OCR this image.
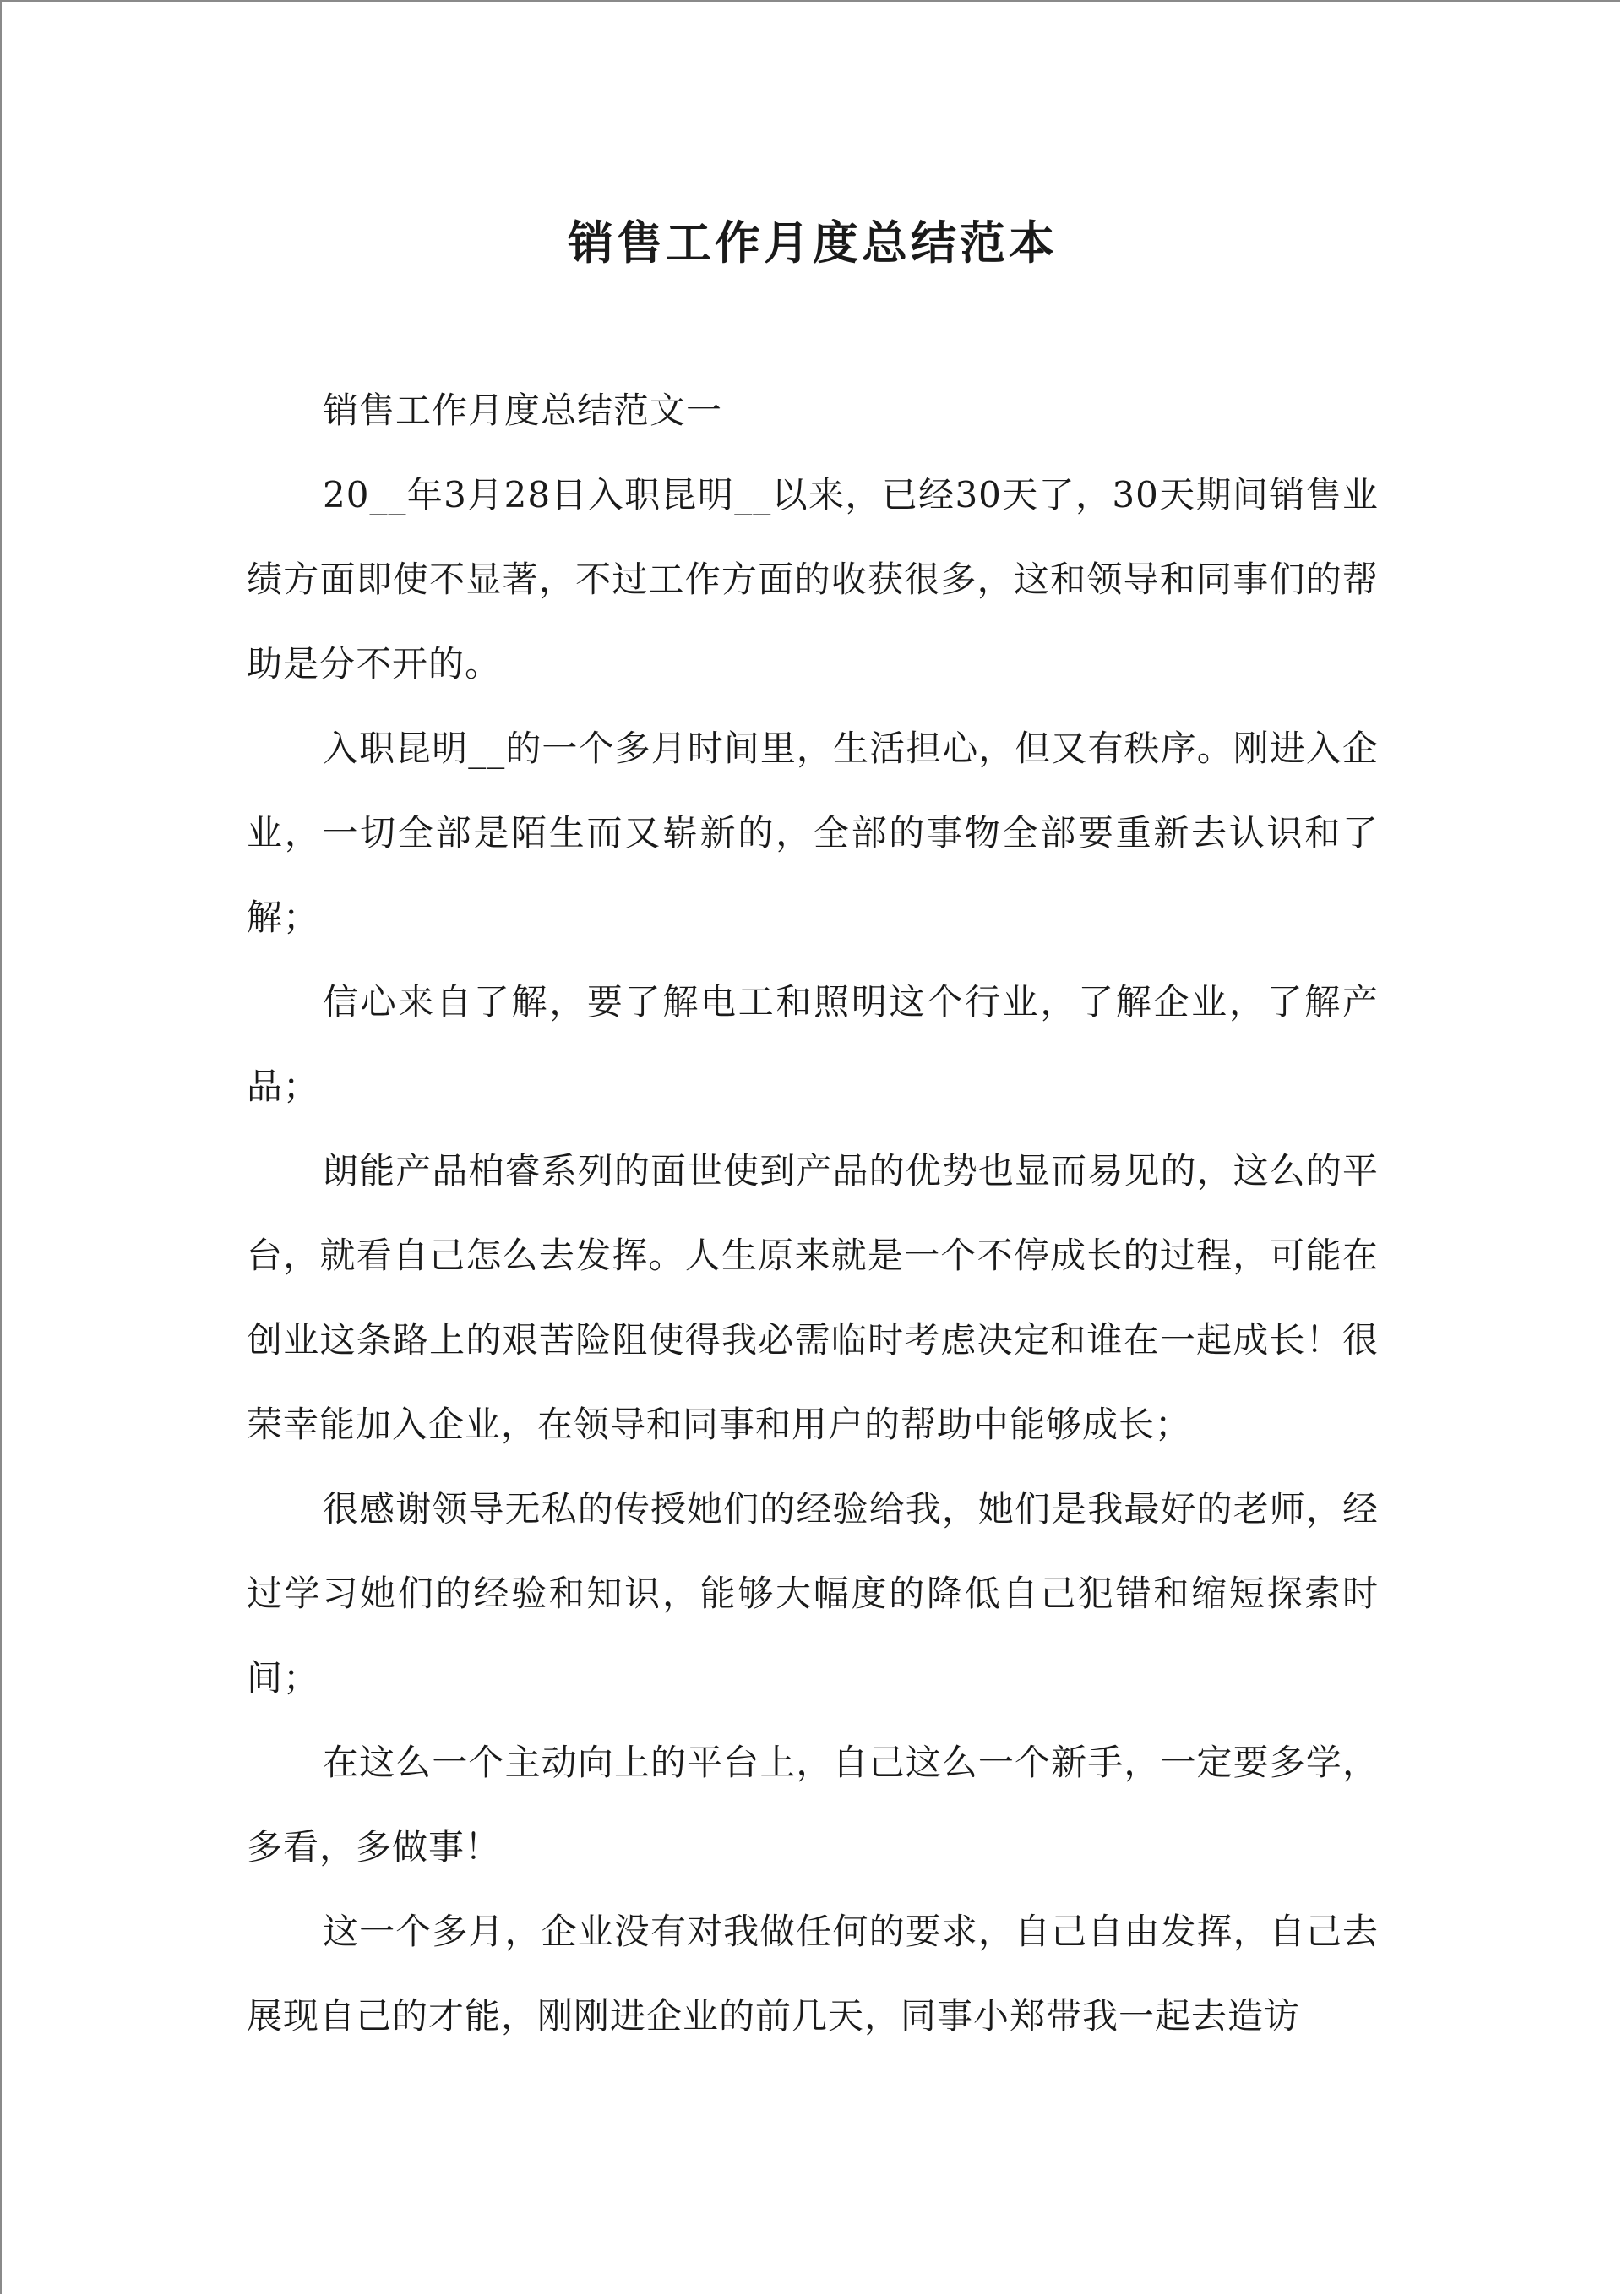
销售工作月度总结范本

销售工作月度总结范文一

20__年3月28日入职昆明__以来，已经30天了，30天期间销售业绩方面即使不显著，不过工作方面的收获很多，这和领导和同事们的帮助是分不开的。

入职昆明__的一个多月时间里，生活担心，但又有秩序。刚进入企业，一切全部是陌生而又崭新的，全部的事物全部要重新去认识和了解；

信心来自了解，要了解电工和照明这个行业，了解企业，了解产品；

朗能产品柏睿系列的面世使到产品的优势也显而易见的，这么的平台，就看自己怎么去发挥。人生原来就是一个不停成长的过程，可能在创业这条路上的艰苦险阻使得我必需临时考虑决定和谁在一起成长！很荣幸能加入企业，在领导和同事和用户的帮助中能够成长；

很感谢领导无私的传授她们的经验给我，她们是我最好的老师，经过学习她们的经验和知识，能够大幅度的降低自己犯错和缩短探索时间；

在这么一个主动向上的平台上，自己这么一个新手，一定要多学，多看，多做事！

这一个多月，企业没有对我做任何的要求，自己自由发挥，自己去展现自己的才能，刚刚进企业的前几天，同事小郑带我一起去造访
